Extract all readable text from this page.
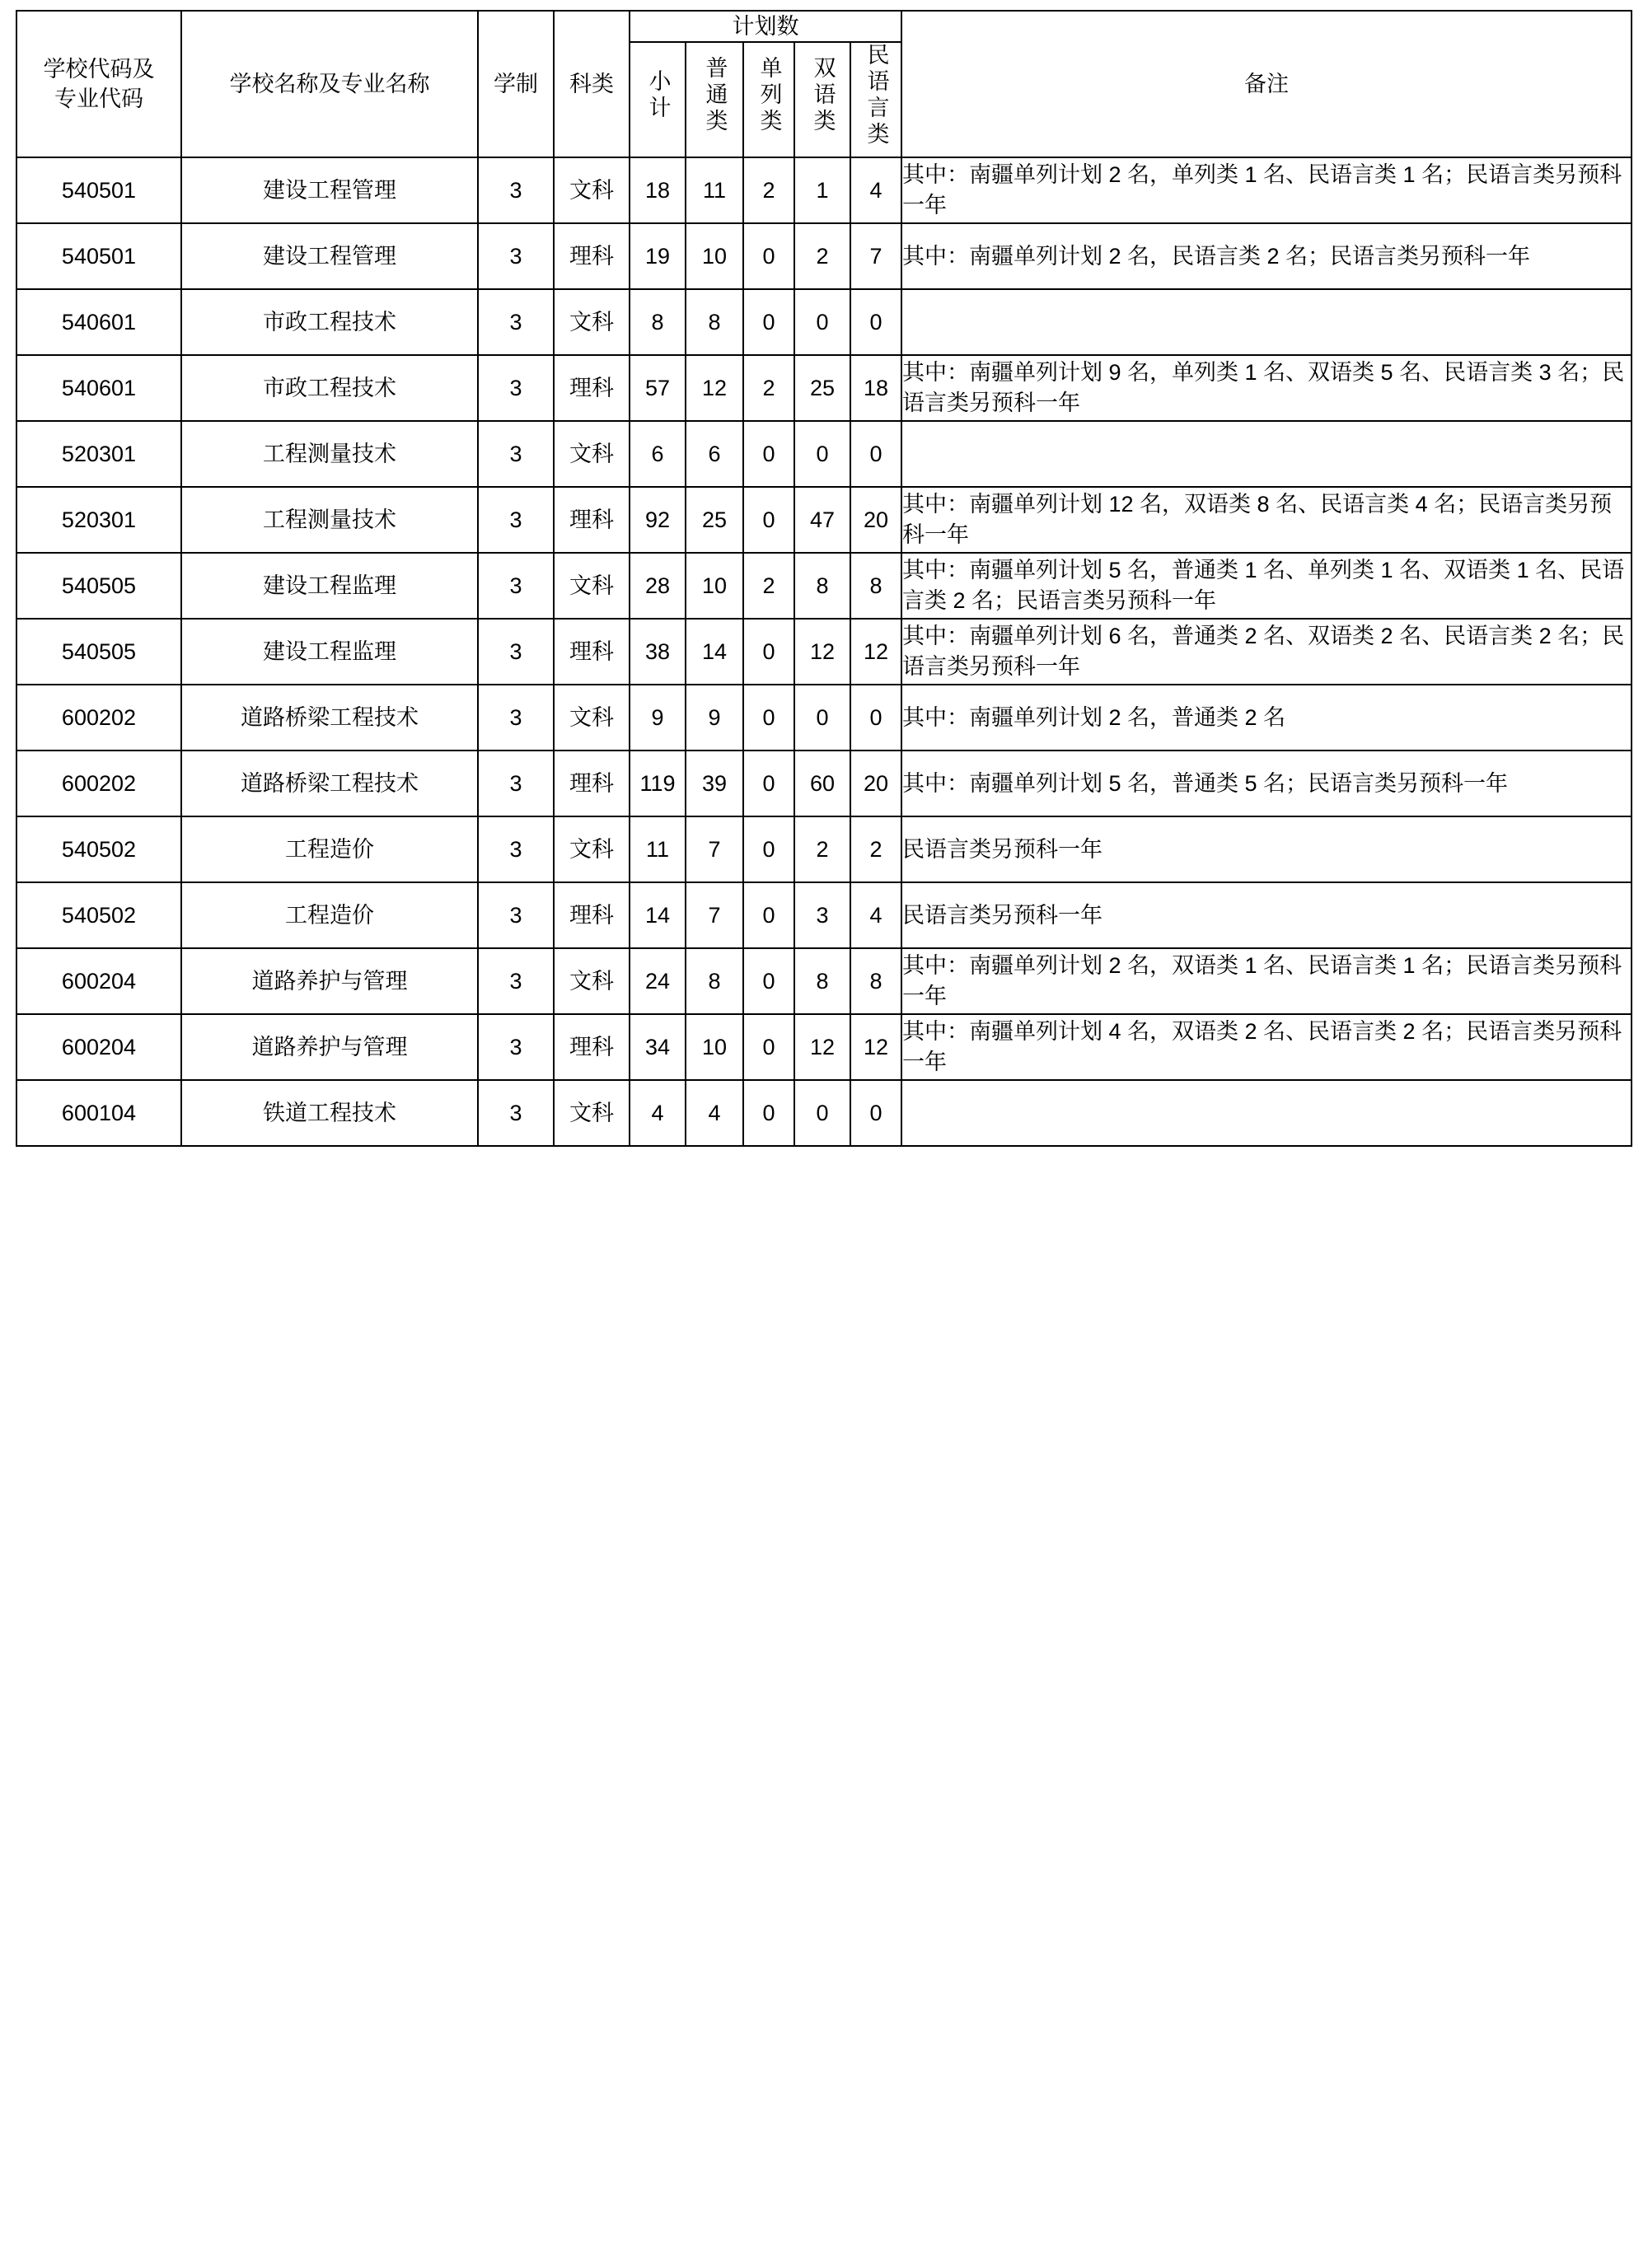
学校代码及
专业代码	学校名称及专业名称	学制	科类	计划数					备注
				小计	普通类	单列类	双语类	民语言类	
540501	建设工程管理	3	文科	18	11	2	1	4	其中：南疆单列计划 2 名，单列类 1 名、民语言类 1 名；民语言类另预科一年
540501	建设工程管理	3	理科	19	10	0	2	7	其中：南疆单列计划 2 名，民语言类 2 名；民语言类另预科一年
540601	市政工程技术	3	文科	8	8	0	0	0	
540601	市政工程技术	3	理科	57	12	2	25	18	其中：南疆单列计划 9 名，单列类 1 名、双语类 5 名、民语言类 3 名；民语言类另预科一年
520301	工程测量技术	3	文科	6	6	0	0	0	
520301	工程测量技术	3	理科	92	25	0	47	20	其中：南疆单列计划 12 名，双语类 8 名、民语言类 4 名；民语言类另预科一年
540505	建设工程监理	3	文科	28	10	2	8	8	其中：南疆单列计划 5 名，普通类 1 名、单列类 1 名、双语类 1 名、民语言类 2 名；民语言类另预科一年
540505	建设工程监理	3	理科	38	14	0	12	12	其中：南疆单列计划 6 名，普通类 2 名、双语类 2 名、民语言类 2 名；民语言类另预科一年
600202	道路桥梁工程技术	3	文科	9	9	0	0	0	其中：南疆单列计划 2 名，普通类 2 名
600202	道路桥梁工程技术	3	理科	119	39	0	60	20	其中：南疆单列计划 5 名，普通类 5 名；民语言类另预科一年
540502	工程造价	3	文科	11	7	0	2	2	民语言类另预科一年
540502	工程造价	3	理科	14	7	0	3	4	民语言类另预科一年
600204	道路养护与管理	3	文科	24	8	0	8	8	其中：南疆单列计划 2 名，双语类 1 名、民语言类 1 名；民语言类另预科一年
600204	道路养护与管理	3	理科	34	10	0	12	12	其中：南疆单列计划 4 名，双语类 2 名、民语言类 2 名；民语言类另预科一年
600104	铁道工程技术	3	文科	4	4	0	0	0	
